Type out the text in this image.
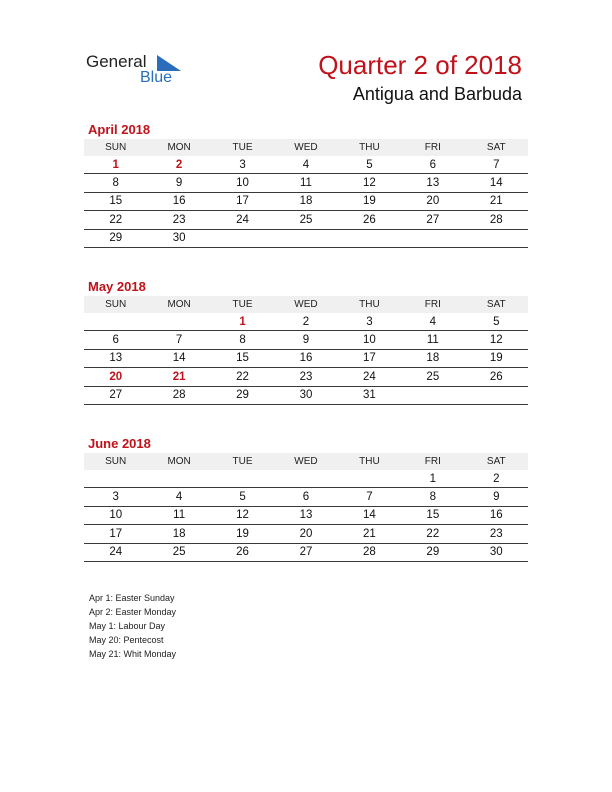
General
Blue	Quarter 2 of 2018
Antigua and Barbuda
April 2018
SUN	MON	TUE	WED	THU	FRI	SAT
1	2	3	4	5	6	7
8	9	10	11	12	13	14
15	16	17	18	19	20	21
22	23	24	25	26	27	28
29	30					
May 2018
SUN	MON	TUE	WED	THU	FRI	SAT
		1	2	3	4	5
6	7	8	9	10	11	12
13	14	15	16	17	18	19
20	21	22	23	24	25	26
27	28	29	30	31		
June 2018
SUN	MON	TUE	WED	THU	FRI	SAT
					1	2
3	4	5	6	7	8	9
10	11	12	13	14	15	16
17	18	19	20	21	22	23
24	25	26	27	28	29	30
Apr 1: Easter Sunday
Apr 2: Easter Monday
May 1: Labour Day
May 20: Pentecost
May 21: Whit Monday
